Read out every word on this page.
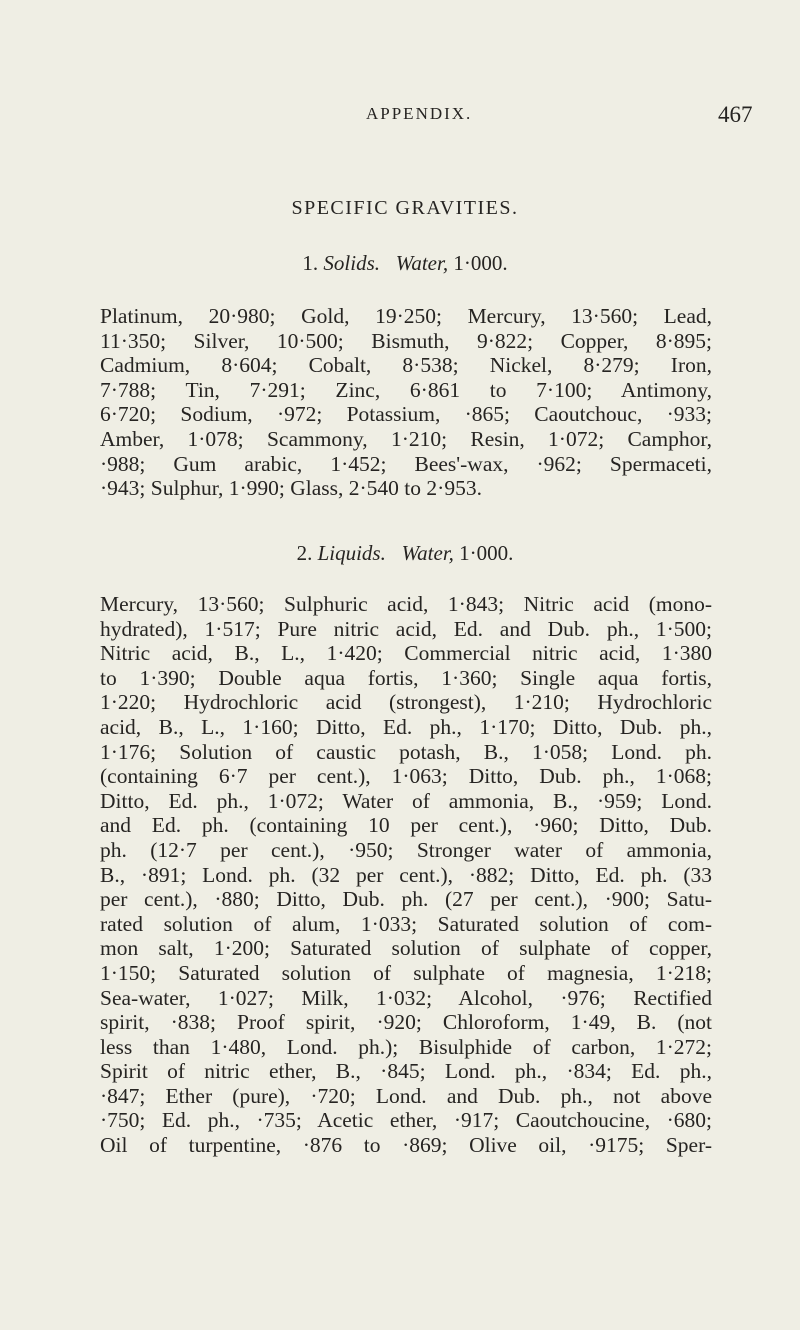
APPENDIX.	467
SPECIFIC GRAVITIES.
1. Solids. Water, 1·000.
Platinum, 20·980; Gold, 19·250; Mercury, 13·560; Lead,
11·350; Silver, 10·500; Bismuth, 9·822; Copper, 8·895;
Cadmium, 8·604; Cobalt, 8·538; Nickel, 8·279; Iron,
7·788; Tin, 7·291; Zinc, 6·861 to 7·100; Antimony,
6·720; Sodium, ·972; Potassium, ·865; Caoutchouc, ·933;
Amber, 1·078; Scammony, 1·210; Resin, 1·072; Camphor,
·988; Gum arabic, 1·452; Bees'-wax, ·962; Spermaceti,
·943; Sulphur, 1·990; Glass, 2·540 to 2·953.
2. Liquids. Water, 1·000.
Mercury, 13·560; Sulphuric acid, 1·843; Nitric acid (mono-
hydrated), 1·517; Pure nitric acid, Ed. and Dub. ph., 1·500;
Nitric acid, B., L., 1·420; Commercial nitric acid, 1·380
to 1·390; Double aqua fortis, 1·360; Single aqua fortis,
1·220; Hydrochloric acid (strongest), 1·210; Hydrochloric
acid, B., L., 1·160; Ditto, Ed. ph., 1·170; Ditto, Dub. ph.,
1·176; Solution of caustic potash, B., 1·058; Lond. ph.
(containing 6·7 per cent.), 1·063; Ditto, Dub. ph., 1·068;
Ditto, Ed. ph., 1·072; Water of ammonia, B., ·959; Lond.
and Ed. ph. (containing 10 per cent.), ·960; Ditto, Dub.
ph. (12·7 per cent.), ·950; Stronger water of ammonia,
B., ·891; Lond. ph. (32 per cent.), ·882; Ditto, Ed. ph. (33
per cent.), ·880; Ditto, Dub. ph. (27 per cent.), ·900; Satu-
rated solution of alum, 1·033; Saturated solution of com-
mon salt, 1·200; Saturated solution of sulphate of copper,
1·150; Saturated solution of sulphate of magnesia, 1·218;
Sea-water, 1·027; Milk, 1·032; Alcohol, ·976; Rectified
spirit, ·838; Proof spirit, ·920; Chloroform, 1·49, B. (not
less than 1·480, Lond. ph.); Bisulphide of carbon, 1·272;
Spirit of nitric ether, B., ·845; Lond. ph., ·834; Ed. ph.,
·847; Ether (pure), ·720; Lond. and Dub. ph., not above
·750; Ed. ph., ·735; Acetic ether, ·917; Caoutchoucine, ·680;
Oil of turpentine, ·876 to ·869; Olive oil, ·9175; Sper-
